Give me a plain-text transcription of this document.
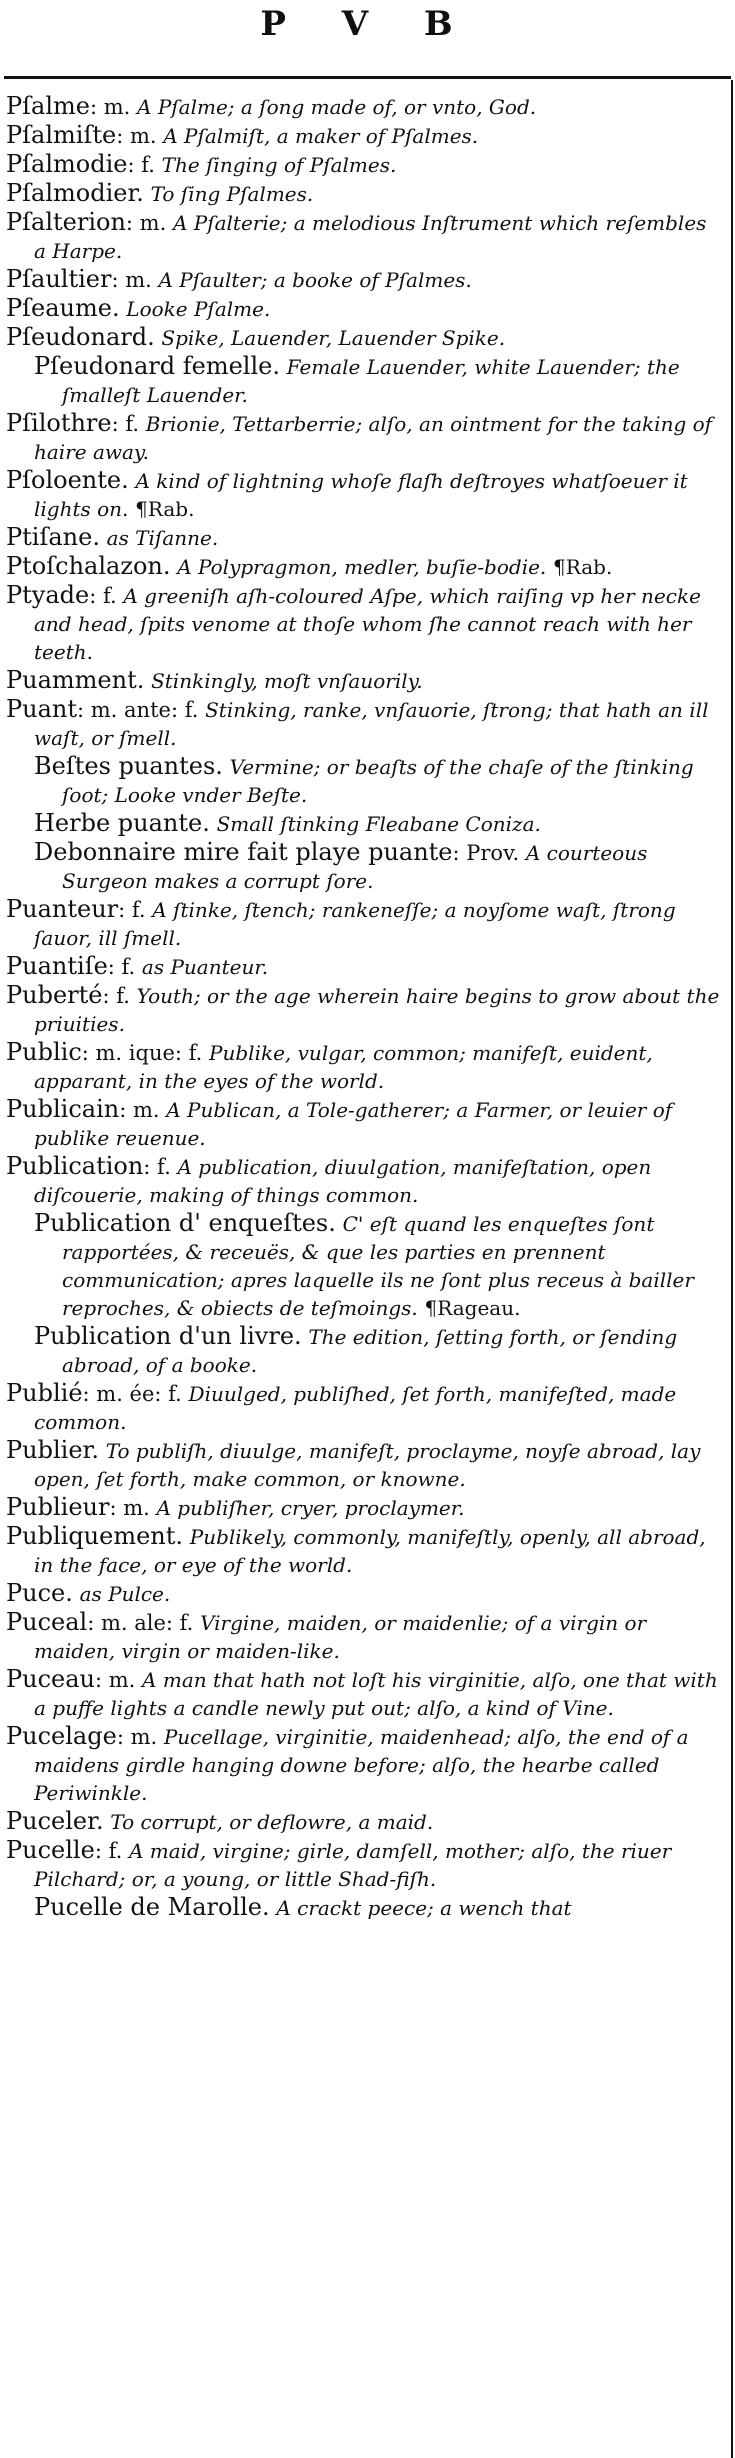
P V B

Pſalme: m. A Pſalme; a ſong made of, or vnto, God.

Pſalmiſte: m. A Pſalmiſt, a maker of Pſalmes.

Pſalmodie: f. The ſinging of Pſalmes.

Pſalmodier. To ſing Pſalmes.

Pſalterion: m. A Pſalterie; a melodious Inſtrument which reſembles a Harpe.

Pſaultier: m. A Pſaulter; a booke of Pſalmes.

Pſeaume. Looke Pſalme.

Pſeudonard. Spike, Lauender, Lauender Spike.

Pſeudonard femelle. Female Lauender, white Lauender; the ſmalleſt Lauender.

Pſilothre: f. Brionie, Tettarberrie; alſo, an ointment for the taking of haire away.

Pſoloente. A kind of lightning whoſe flaſh deſtroyes whatſoeuer it lights on. ¶Rab.

Ptiſane. as Tiſanne.

Ptoſchalazon. A Polypragmon, medler, buſie-bodie. ¶Rab.

Ptyade: f. A greeniſh aſh-coloured Aſpe, which raiſing vp her necke and head, ſpits venome at thoſe whom ſhe cannot reach with her teeth.

Puamment. Stinkingly, moſt vnſauorily.

Puant: m. ante: f. Stinking, ranke, vnſauorie, ſtrong; that hath an ill waſt, or ſmell.

Beſtes puantes. Vermine; or beaſts of the chaſe of the ſtinking ſoot; Looke vnder Beſte.

Herbe puante. Small ſtinking Fleabane Coniza.

Debonnaire mire fait playe puante: Prov. A courteous Surgeon makes a corrupt ſore.

Puanteur: f. A ſtinke, ſtench; rankeneſſe; a noyſome waſt, ſtrong ſauor, ill ſmell.

Puantiſe: f. as Puanteur.

Puberté: f. Youth; or the age wherein haire begins to grow about the priuities.

Public: m. ique: f. Publike, vulgar, common; manifeſt, euident, apparant, in the eyes of the world.

Publicain: m. A Publican, a Tole-gatherer; a Farmer, or leuier of publike reuenue.

Publication: f. A publication, diuulgation, manifeſtation, open diſcouerie, making of things common.

Publication d' enqueſtes. C' eſt quand les enqueſtes ſont rapportées, & receuës, & que les parties en prennent communication; apres laquelle ils ne ſont plus receus à bailler reproches, & obiects de teſmoings. ¶Rageau.

Publication d'un livre. The edition, ſetting forth, or ſending abroad, of a booke.

Publié: m. ée: f. Diuulged, publiſhed, ſet forth, manifeſted, made common.

Publier. To publiſh, diuulge, manifeſt, proclayme, noyſe abroad, lay open, ſet forth, make common, or knowne.

Publieur: m. A publiſher, cryer, proclaymer.

Publiquement. Publikely, commonly, manifeſtly, openly, all abroad, in the face, or eye of the world.

Puce. as Pulce.

Puceal: m. ale: f. Virgine, maiden, or maidenlie; of a virgin or maiden, virgin or maiden-like.

Puceau: m. A man that hath not loſt his virginitie, alſo, one that with a puffe lights a candle newly put out; alſo, a kind of Vine.

Pucelage: m. Pucellage, virginitie, maidenhead; alſo, the end of a maidens girdle hanging downe before; alſo, the hearbe called Periwinkle.

Puceler. To corrupt, or deflowre, a maid.

Pucelle: f. A maid, virgine; girle, damſell, mother; alſo, the riuer Pilchard; or, a young, or little Shad-fiſh.

Pucelle de Marolle. A crackt peece; a wench that
